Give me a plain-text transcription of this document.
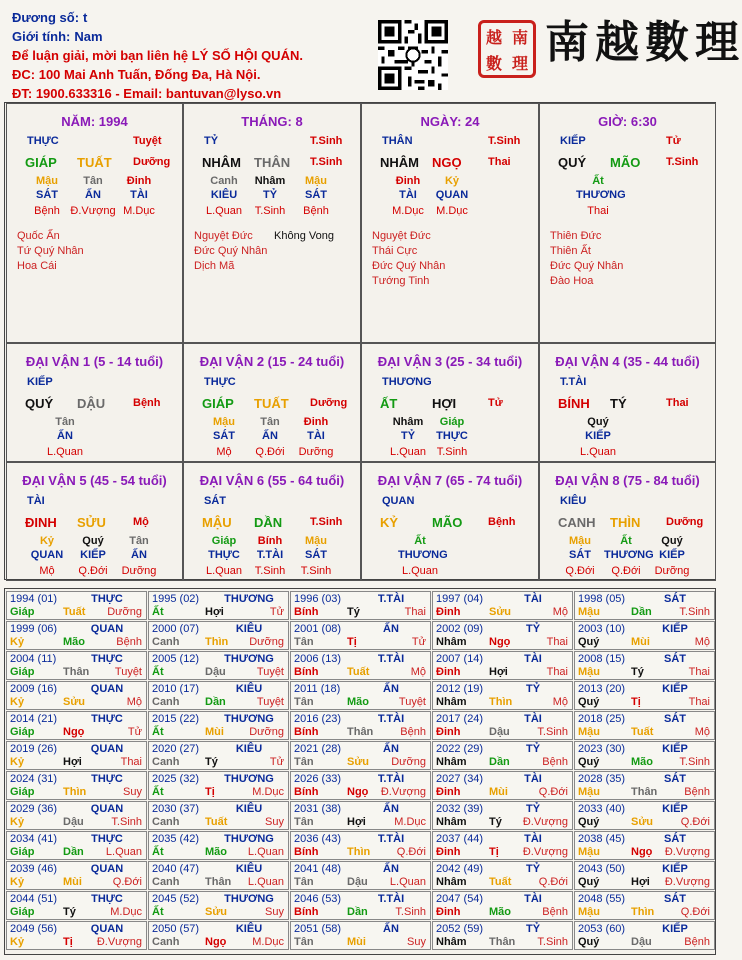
Đương số: t
Giới tính: Nam
Để luận giải, mời bạn liên hệ LÝ SỐ HỘI QUÁN.
ĐC: 100 Mai Anh Tuấn, Đống Đa, Hà Nội.
ĐT: 1900.633316 - Email: bantuvan@lyso.vn
越 南
數 理 南 越 數 理
NĂM: 1994
THỰC	Tuyệt
GIÁP TUẤT Dưỡng
Mậu
SÁT
Bệnh
Tân
ẤN
Đ.Vượng
Đinh
TÀI
M.Dục
Quốc Ấn
Tứ Quý Nhân
Hoa Cái
THÁNG: 8
TỶ	T.Sinh
NHÂM THÂN T.Sinh
Canh
KIÊU
L.Quan
Nhâm
TỶ
T.Sinh
Mậu
SÁT
Bệnh
Nguyệt Đức
Đức Quý Nhân
Dịch Mã
Không Vong
NGÀY: 24
THÂN	T.Sinh
NHÂM NGỌ Thai
Đinh
TÀI
M.Dục
Kỷ
QUAN
M.Dục
Nguyệt Đức
Thái Cực
Đức Quý Nhân
Tướng Tinh
GIỜ: 6:30
KIẾP	Tử
QUÝ MÃO T.Sinh
Ất
THƯƠNG
Thai
Thiên Đức
Thiên Ất
Đức Quý Nhân
Đào Hoa
ĐẠI VẬN 1 (5 - 14 tuổi)
KIẾP
QUÝ DẬU	Bệnh
Tân
ẤN
L.Quan
ĐẠI VẬN 2 (15 - 24 tuổi)
THỰC
GIÁP TUẤT Dưỡng
Mậu
SÁT
Mộ
Tân
ẤN
Q.Đới
Đinh
TÀI
Dưỡng
ĐẠI VẬN 3 (25 - 34 tuổi)
THƯƠNG
ẤT	HỢI	Tử
Nhâm
TỶ
L.Quan
Giáp
THỰC
T.Sinh
ĐẠI VẬN 4 (35 - 44 tuổi)
T.TÀI
BÍNH TÝ	Thai
Quý
KIẾP
L.Quan
ĐẠI VẬN 5 (45 - 54 tuổi)
TÀI
ĐINH SỬU Mộ
Kỷ
QUAN
Mộ
Quý
KIẾP
Q.Đới
Tân
ẤN
Dưỡng
ĐẠI VẬN 6 (55 - 64 tuổi)
SÁT
MẬU DẦN	T.Sinh
Giáp
THỰC
L.Quan
Bính
T.TÀI
T.Sinh
Mậu
SÁT
T.Sinh
ĐẠI VẬN 7 (65 - 74 tuổi)
QUAN
KỶ	MÃO Bệnh
Ất
THƯƠNG
L.Quan
ĐẠI VẬN 8 (75 - 84 tuổi)
KIÊU
CANH THÌN Dưỡng
Mậu
SÁT
Q.Đới
Ất
THƯƠNG
Q.Đới
Quý
KIẾP
Dưỡng
1994 (01)	THỰC
Giáp	Tuất Dưỡng
1995 (02)	THƯƠNG
Ất	Hợi	Tử
1996 (03)	T.TÀI
Bính	Tý	Thai
1997 (04)	TÀI
Đinh	Sửu	Mộ
1998 (05)	SÁT
Mậu	Dần	T.Sinh
1999 (06)	QUAN
Kỷ	Mão	Bệnh
2000 (07)	KIÊU
Canh Thìn Dưỡng
2001 (08)	ẤN
Tân	Tị	Tử
2002 (09)	TỶ
Nhâm Ngọ	Thai
2003 (10)	KIẾP
Quý	Mùi	Mộ
2004 (11)	THỰC
Giáp	Thân Tuyệt
2005 (12)	THƯƠNG
Ất	Dậu	Tuyệt
2006 (13)	T.TÀI
Bính	Tuất	Mộ
2007 (14)	TÀI
Đinh	Hợi	Thai
2008 (15)	SÁT
Mậu	Tý	Thai
2009 (16)	QUAN
Kỷ	Sửu	Mộ
2010 (17)	KIÊU
Canh Dần	Tuyệt
2011 (18)	ẤN
Tân	Mão	Tuyệt
2012 (19)	TỶ
Nhâm Thìn	Mộ
2013 (20)	KIẾP
Quý	Tị	Thai
2014 (21)	THỰC
Giáp	Ngọ	Tử
2015 (22)	THƯƠNG
Ất	Mùi Dưỡng
2016 (23)	T.TÀI
Bính	Thân Bệnh
2017 (24)	TÀI
Đinh	Dậu	T.Sinh
2018 (25)	SÁT
Mậu	Tuất	Mộ
2019 (26)	QUAN
Kỷ	Hợi	Thai
2020 (27)	KIÊU
Canh Tý	Tử
2021 (28)	ẤN
Tân	Sửu Dưỡng
2022 (29)	TỶ
Nhâm Dần	Bệnh
2023 (30)	KIẾP
Quý	Mão T.Sinh
2024 (31)	THỰC
Giáp	Thìn	Suy
2025 (32)	THƯƠNG
Ất	Tị	M.Dục
2026 (33)	T.TÀI
Bính	Ngọ Đ.Vượng
2027 (34)	TÀI
Đinh	Mùi	Q.Đới
2028 (35)	SÁT
Mậu	Thân Bệnh
2029 (36)	QUAN
Kỷ	Dậu	T.Sinh
2030 (37)	KIÊU
Canh Tuất	Suy
2031 (38)	ẤN
Tân	Hợi	M.Dục
2032 (39)	TỶ
Nhâm Tý Đ.Vượng
2033 (40)	KIẾP
Quý	Sửu	Q.Đới
2034 (41)	THỰC
Giáp	Dần L.Quan
2035 (42)	THƯƠNG
Ất	Mão L.Quan
2036 (43)	T.TÀI
Bính	Thìn Q.Đới
2037 (44)	TÀI
Đinh	Tị Đ.Vượng
2038 (45)	SÁT
Mậu	Ngọ Đ.Vượng
2039 (46)	QUAN
Kỷ	Mùi	Q.Đới
2040 (47)	KIÊU
Canh Thân L.Quan
2041 (48)	ẤN
Tân	Dậu L.Quan
2042 (49)	TỶ
Nhâm Tuất Q.Đới
2043 (50)	KIẾP
Quý	Hợi Đ.Vượng
2044 (51)	THỰC
Giáp	Tý	M.Dục
2045 (52)	THƯƠNG
Ất	Sửu	Suy
2046 (53)	T.TÀI
Bính	Dần	T.Sinh
2047 (54)	TÀI
Đinh	Mão	Bệnh
2048 (55)	SÁT
Mậu	Thìn Q.Đới
2049 (56)	QUAN
Kỷ	Tị Đ.Vượng
2050 (57)	KIÊU
Canh Ngọ M.Dục
2051 (58)	ẤN
Tân	Mùi	Suy
2052 (59)	TỶ
Nhâm Thân T.Sinh
2053 (60)	KIẾP
Quý	Dậu	Bệnh
